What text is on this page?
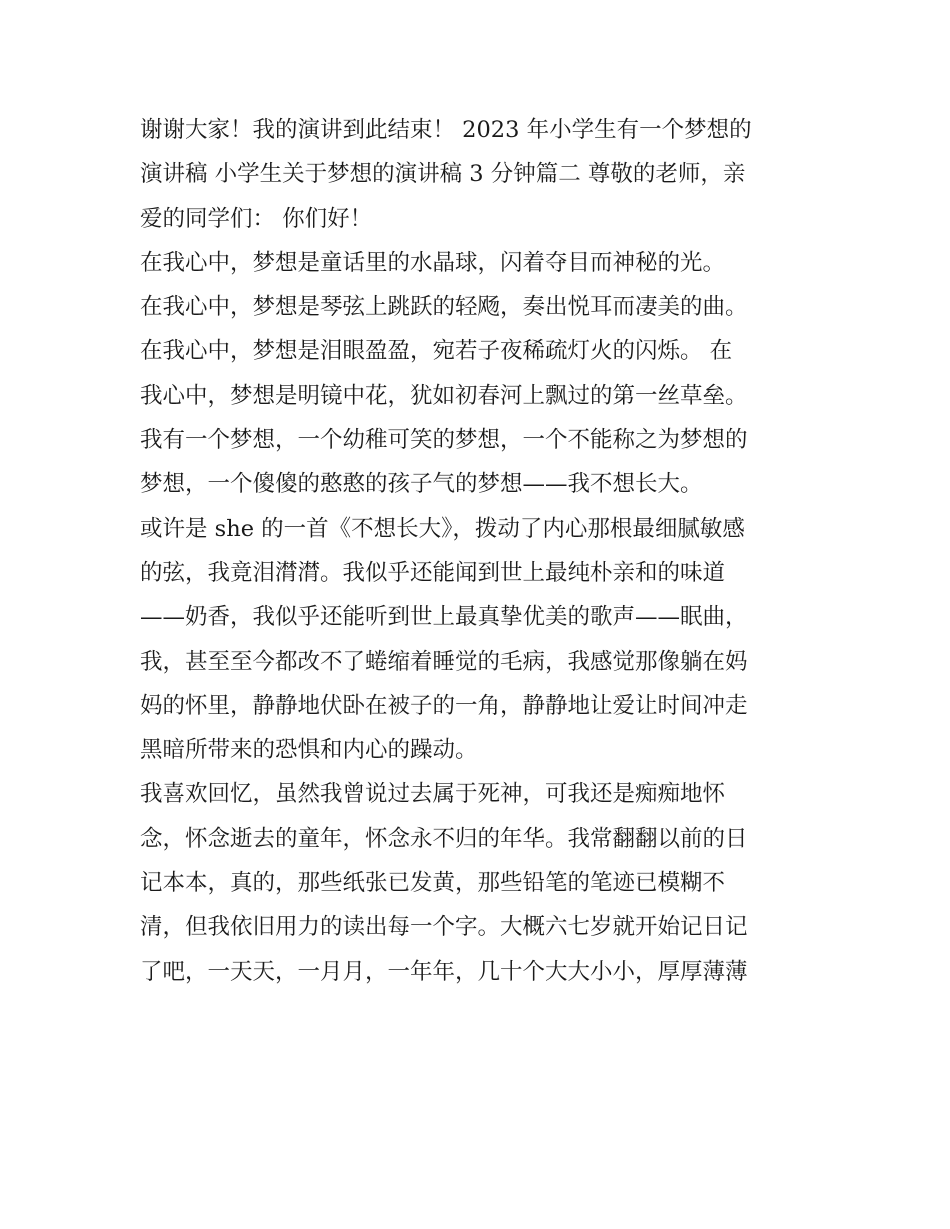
谢谢大家！我的演讲到此结束！ 2023 年小学生有一个梦想的
演讲稿 小学生关于梦想的演讲稿 3 分钟篇二 尊敬的老师，亲
爱的同学们： 你们好！
在我心中，梦想是童话里的水晶球，闪着夺目而神秘的光。
在我心中，梦想是琴弦上跳跃的轻飏，奏出悦耳而凄美的曲。
在我心中，梦想是泪眼盈盈，宛若子夜稀疏灯火的闪烁。 在
我心中，梦想是明镜中花，犹如初春河上飘过的第一丝草垒。
我有一个梦想，一个幼稚可笑的梦想，一个不能称之为梦想的
梦想，一个傻傻的憨憨的孩子气的梦想——我不想长大。
或许是 she 的一首《不想长大》，拨动了内心那根最细腻敏感
的弦，我竟泪潸潸。我似乎还能闻到世上最纯朴亲和的味道
——奶香，我似乎还能听到世上最真挚优美的歌声——眠曲，
我，甚至至今都改不了蜷缩着睡觉的毛病，我感觉那像躺在妈
妈的怀里，静静地伏卧在被子的一角，静静地让爱让时间冲走
黑暗所带来的恐惧和内心的躁动。
我喜欢回忆，虽然我曾说过去属于死神，可我还是痴痴地怀
念，怀念逝去的童年，怀念永不归的年华。我常翻翻以前的日
记本本，真的，那些纸张已发黄，那些铅笔的笔迹已模糊不
清，但我依旧用力的读出每一个字。大概六七岁就开始记日记
了吧，一天天，一月月，一年年，几十个大大小小，厚厚薄薄
